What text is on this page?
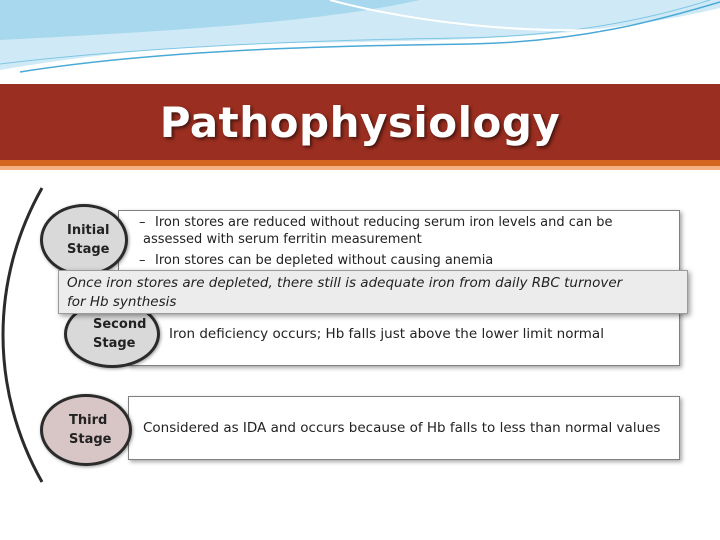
Pathophysiology
– Iron stores are reduced without reducing serum iron levels and can be
assessed with serum ferritin measurement
– Iron stores can be depleted without causing anemia
Iron deficiency occurs; Hb falls just above the lower limit normal
Considered as IDA and occurs because of Hb falls to less than normal values
Initial
Stage
Second
Stage
Third
Stage
Once iron stores are depleted, there still is adequate iron from daily RBC turnover
for Hb synthesis
